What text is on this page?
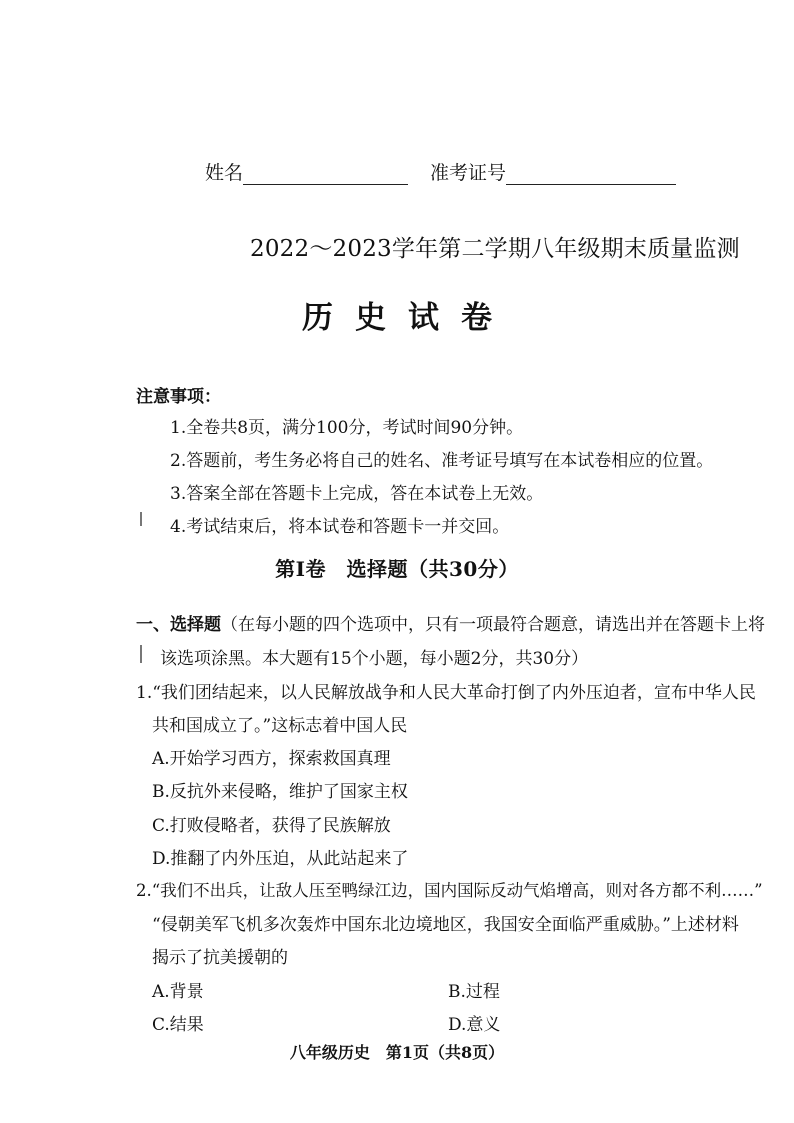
姓名	准考证号
2022～2023学年第二学期八年级期末质量监测
历史试卷
注意事项：
1.全卷共8页，满分100分，考试时间90分钟。
2.答题前，考生务必将自己的姓名、准考证号填写在本试卷相应的位置。
3.答案全部在答题卡上完成，答在本试卷上无效。
4.考试结束后，将本试卷和答题卡一并交回。
第Ⅰ卷　选择题（共30分）
一、选择题（在每小题的四个选项中，只有一项最符合题意，请选出并在答题卡上将
该选项涂黑。本大题有15个小题，每小题2分，共30分）
1.“我们团结起来，以人民解放战争和人民大革命打倒了内外压迫者，宣布中华人民
共和国成立了。”这标志着中国人民
A.开始学习西方，探索救国真理
B.反抗外来侵略，维护了国家主权
C.打败侵略者，获得了民族解放
D.推翻了内外压迫，从此站起来了
2.“我们不出兵，让敌人压至鸭绿江边，国内国际反动气焰增高，则对各方都不利……”
“侵朝美军飞机多次轰炸中国东北边境地区，我国安全面临严重威胁。”上述材料
揭示了抗美援朝的
A.背景	B.过程
C.结果	D.意义
八年级历史　第1页（共8页）
